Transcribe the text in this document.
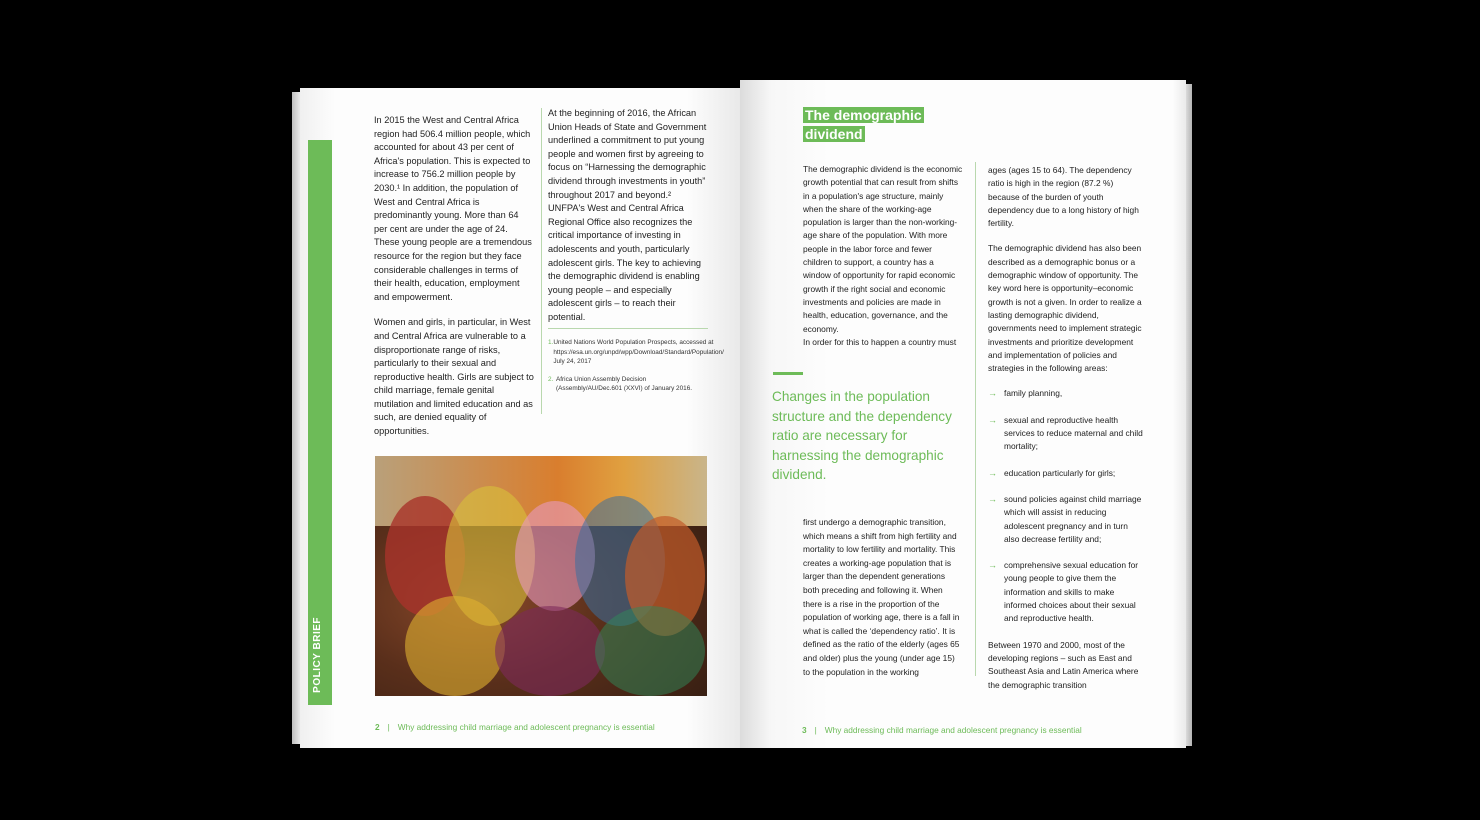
POLICY BRIEF

In 2015 the West and Central Africa region had 506.4 million people, which accounted for about 43 per cent of Africa's population. This is expected to increase to 756.2 million people by 2030.¹ In addition, the population of West and Central Africa is predominantly young. More than 64 per cent are under the age of 24. These young people are a tremendous resource for the region but they face considerable challenges in terms of their health, education, employment and empowerment.

Women and girls, in particular, in West and Central Africa are vulnerable to a disproportionate range of risks, particularly to their sexual and reproductive health. Girls are subject to child marriage, female genital mutilation and limited education and as such, are denied equality of opportunities.

At the beginning of 2016, the African Union Heads of State and Government underlined a commitment to put young people and women first by agreeing to focus on “Harnessing the demographic dividend through investments in youth” throughout 2017 and beyond.² UNFPA's West and Central Africa Regional Office also recognizes the critical importance of investing in adolescents and youth, particularly adolescent girls. The key to achieving the demographic dividend is enabling young people – and especially adolescent girls – to reach their potential.

1. United Nations World Population Prospects, accessed at https://esa.un.org/unpd/wpp/Download/Standard/Population/ July 24, 2017
2. Africa Union Assembly Decision (Assembly/AU/Dec.601 (XXVI) of January 2016.
2 | Why addressing child marriage and adolescent pregnancy is essential
The demographic dividend
The demographic dividend is the economic growth potential that can result from shifts in a population's age structure, mainly when the share of the working-age population is larger than the non-working-age share of the population. With more people in the labor force and fewer children to support, a country has a window of opportunity for rapid economic growth if the right social and economic investments and policies are made in health, education, governance, and the economy.
In order for this to happen a country must
Changes in the population structure and the dependency ratio are necessary for harnessing the demographic dividend.
first undergo a demographic transition, which means a shift from high fertility and mortality to low fertility and mortality. This creates a working-age population that is larger than the dependent generations both preceding and following it. When there is a rise in the proportion of the population of working age, there is a fall in what is called the ‘dependency ratio’. It is defined as the ratio of the elderly (ages 65 and older) plus the young (under age 15) to the population in the working

ages (ages 15 to 64). The dependency ratio is high in the region (87.2 %) because of the burden of youth dependency due to a long history of high fertility.

The demographic dividend has also been described as a demographic bonus or a demographic window of opportunity. The key word here is opportunity–economic growth is not a given. In order to realize a lasting demographic dividend, governments need to implement strategic investments and prioritize development and implementation of policies and strategies in the following areas:

→ family planning,
→ sexual and reproductive health services to reduce maternal and child mortality;
→ education particularly for girls;
→ sound policies against child marriage which will assist in reducing adolescent pregnancy and in turn also decrease fertility and;
→ comprehensive sexual education for young people to give them the information and skills to make informed choices about their sexual and reproductive health.
Between 1970 and 2000, most of the developing regions – such as East and Southeast Asia and Latin America where the demographic transition
3 | Why addressing child marriage and adolescent pregnancy is essential
